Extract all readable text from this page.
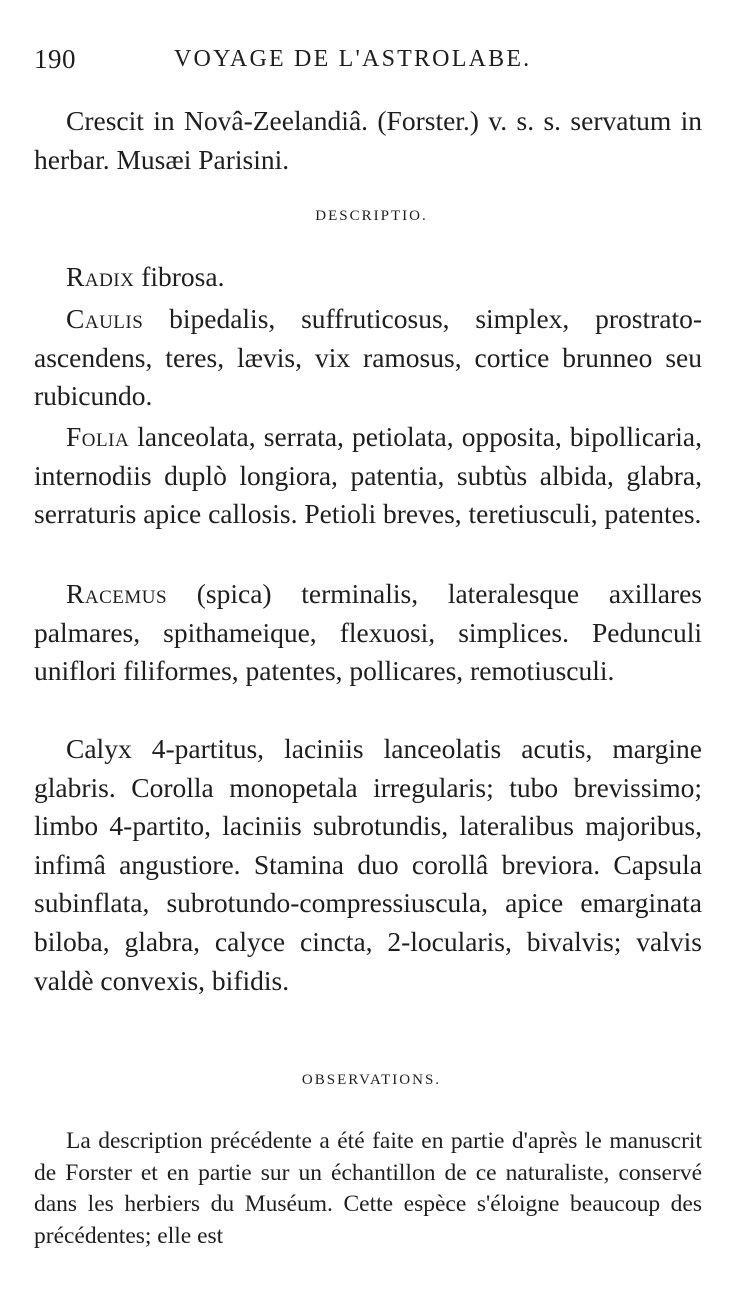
190	VOYAGE DE L'ASTROLABE.

Crescit in Novâ-Zeelandiâ. (Forster.) v. s. s. servatum in herbar. Musæi Parisini.

DESCRIPTIO.

Radix fibrosa.

Caulis bipedalis, suffruticosus, simplex, prostrato-ascendens, teres, lævis, vix ramosus, cortice brunneo seu rubicundo.

Folia lanceolata, serrata, petiolata, opposita, bipollicaria, internodiis duplò longiora, patentia, subtùs albida, glabra, serraturis apice callosis. Petioli breves, teretiusculi, patentes.

Racemus (spica) terminalis, lateralesque axillares palmares, spithameique, flexuosi, simplices. Pedunculi uniflori filiformes, patentes, pollicares, remotiusculi.

Calyx 4-partitus, laciniis lanceolatis acutis, margine glabris. Corolla monopetala irregularis; tubo brevissimo; limbo 4-partito, laciniis subrotundis, lateralibus majoribus, infimâ angustiore. Stamina duo corollâ breviora. Capsula subinflata, subrotundo-compressiuscula, apice emarginata biloba, glabra, calyce cincta, 2-locularis, bivalvis; valvis valdè convexis, bifidis.

OBSERVATIONS.

La description précédente a été faite en partie d'après le manuscrit de Forster et en partie sur un échantillon de ce naturaliste, conservé dans les herbiers du Muséum. Cette espèce s'éloigne beaucoup des précédentes; elle est
